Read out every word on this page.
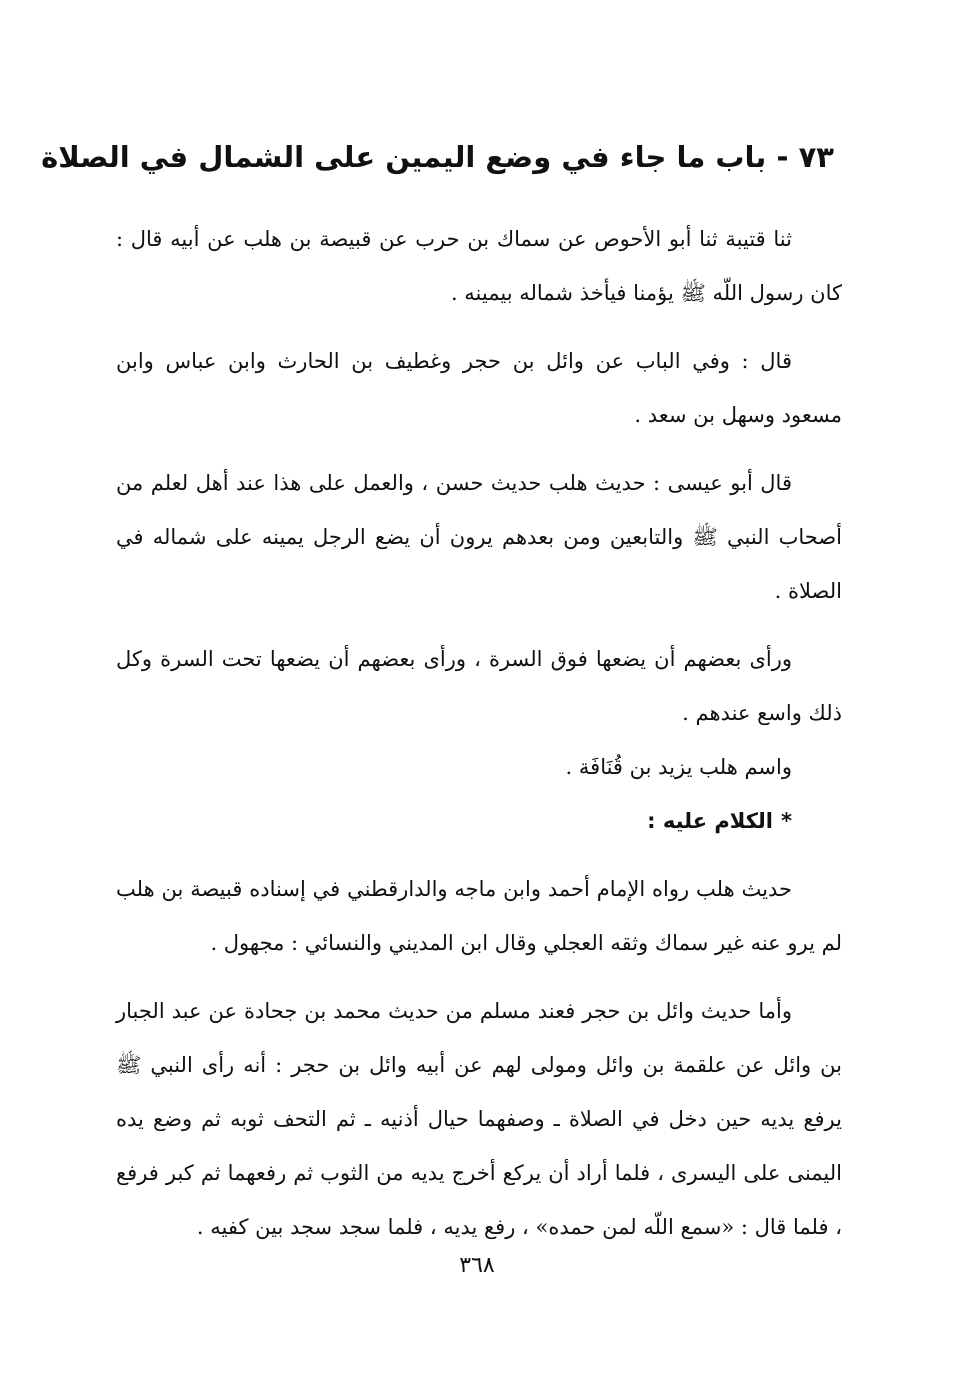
٧٣ - باب ما جاء في وضع اليمين على الشمال في الصلاة

ثنا قتيبة ثنا أبو الأحوص عن سماك بن حرب عن قبيصة بن هلب عن أبيه قال : كان رسول اللّه ﷺ يؤمنا فيأخذ شماله بيمينه .

قال : وفي الباب عن وائل بن حجر وغطيف بن الحارث وابن عباس وابن مسعود وسهل بن سعد .

قال أبو عيسى : حديث هلب حديث حسن ، والعمل على هذا عند أهل لعلم من أصحاب النبي ﷺ والتابعين ومن بعدهم يرون أن يضع الرجل يمينه على شماله في الصلاة .

ورأى بعضهم أن يضعها فوق السرة ، ورأى بعضهم أن يضعها تحت السرة وكل ذلك واسع عندهم .

واسم هلب يزيد بن قُنَافَة .

*الكلام عليه :

حديث هلب رواه الإمام أحمد وابن ماجه والدارقطني في إسناده قبيصة بن هلب لم يرو عنه غير سماك وثقه العجلي وقال ابن المديني والنسائي : مجهول .

وأما حديث وائل بن حجر فعند مسلم من حديث محمد بن جحادة عن عبد الجبار بن وائل عن علقمة بن وائل ومولى لهم عن أبيه وائل بن حجر : أنه رأى النبي ﷺ يرفع يديه حين دخل في الصلاة ـ وصفهما حيال أذنيه ـ ثم التحف ثوبه ثم وضع يده اليمنى على اليسرى ، فلما أراد أن يركع أخرج يديه من الثوب ثم رفعهما ثم كبر فرفع ، فلما قال : «سمع اللّه لمن حمده» ، رفع يديه ، فلما سجد سجد بين كفيه .

٣٦٨
